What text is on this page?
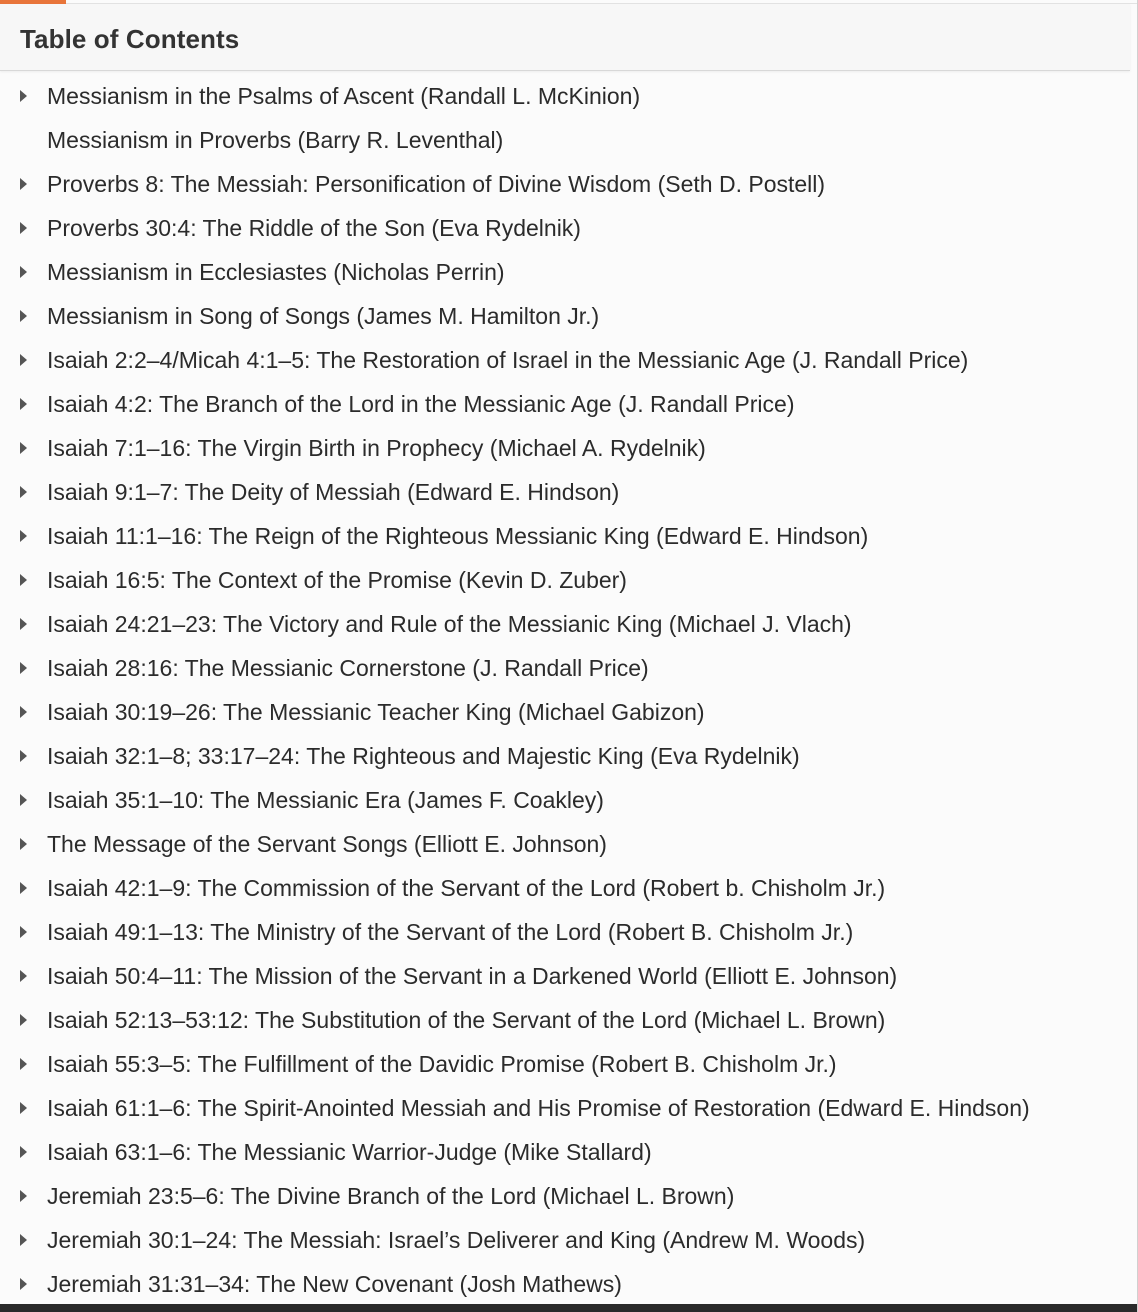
Table of Contents
Messianism in the Psalms of Ascent (Randall L. McKinion)
Messianism in Proverbs (Barry R. Leventhal)
Proverbs 8: The Messiah: Personification of Divine Wisdom (Seth D. Postell)
Proverbs 30:4: The Riddle of the Son (Eva Rydelnik)
Messianism in Ecclesiastes (Nicholas Perrin)
Messianism in Song of Songs (James M. Hamilton Jr.)
Isaiah 2:2–4/Micah 4:1–5: The Restoration of Israel in the Messianic Age (J. Randall Price)
Isaiah 4:2: The Branch of the Lord in the Messianic Age (J. Randall Price)
Isaiah 7:1–16: The Virgin Birth in Prophecy (Michael A. Rydelnik)
Isaiah 9:1–7: The Deity of Messiah (Edward E. Hindson)
Isaiah 11:1–16: The Reign of the Righteous Messianic King (Edward E. Hindson)
Isaiah 16:5: The Context of the Promise (Kevin D. Zuber)
Isaiah 24:21–23: The Victory and Rule of the Messianic King (Michael J. Vlach)
Isaiah 28:16: The Messianic Cornerstone (J. Randall Price)
Isaiah 30:19–26: The Messianic Teacher King (Michael Gabizon)
Isaiah 32:1–8; 33:17–24: The Righteous and Majestic King (Eva Rydelnik)
Isaiah 35:1–10: The Messianic Era (James F. Coakley)
The Message of the Servant Songs (Elliott E. Johnson)
Isaiah 42:1–9: The Commission of the Servant of the Lord (Robert b. Chisholm Jr.)
Isaiah 49:1–13: The Ministry of the Servant of the Lord (Robert B. Chisholm Jr.)
Isaiah 50:4–11: The Mission of the Servant in a Darkened World (Elliott E. Johnson)
Isaiah 52:13–53:12: The Substitution of the Servant of the Lord (Michael L. Brown)
Isaiah 55:3–5: The Fulfillment of the Davidic Promise (Robert B. Chisholm Jr.)
Isaiah 61:1–6: The Spirit-Anointed Messiah and His Promise of Restoration (Edward E. Hindson)
Isaiah 63:1–6: The Messianic Warrior-Judge (Mike Stallard)
Jeremiah 23:5–6: The Divine Branch of the Lord (Michael L. Brown)
Jeremiah 30:1–24: The Messiah: Israel’s Deliverer and King (Andrew M. Woods)
Jeremiah 31:31–34: The New Covenant (Josh Mathews)
